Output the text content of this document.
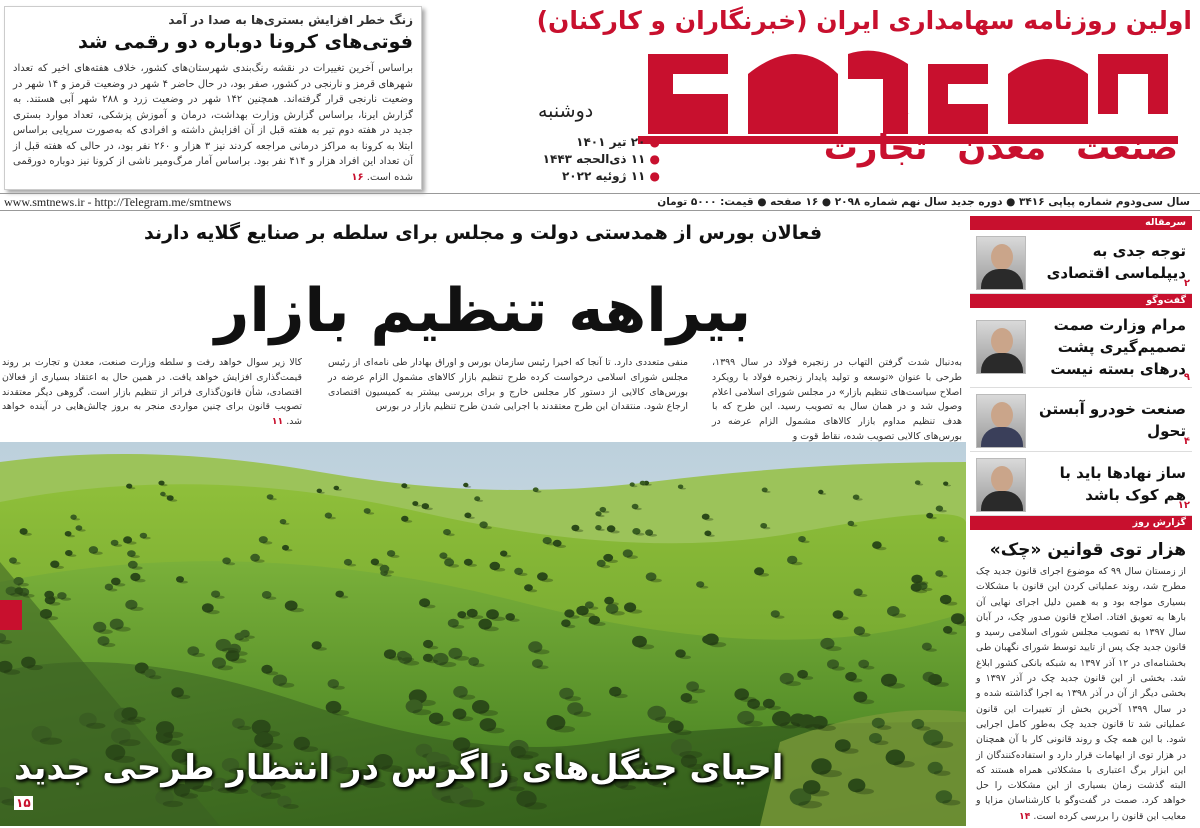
اولین روزنامه سهامداری ایران (خبرنگاران و کارکنان)
صمت
صنعت معدن تجارت
دوشنبه
● ۲۰ تیر ۱۴۰۱
● ۱۱ ذی‌الحجه ۱۴۴۳
● ۱۱ ژوئیه ۲۰۲۲
زنگ خطر افزایش بستری‌ها به صدا در آمد
فوتی‌های کرونا دوباره دو رقمی شد
براساس آخرین تغییرات در نقشه رنگ‌بندی شهرستان‌های کشور، خلاف هفته‌های اخیر که تعداد شهرهای قرمز و نارنجی در کشور، صفر بود، در حال حاضر ۴ شهر در وضعیت قرمز و ۱۴ شهر در وضعیت نارنجی قرار گرفته‌اند. همچنین ۱۴۲ شهر در وضعیت زرد و ۲۸۸ شهر آبی هستند. به گزارش ایرنا، براساس گزارش وزارت بهداشت، درمان و آموزش پزشکی، تعداد موارد بستری جدید در هفته دوم تیر به هفته قبل از آن افزایش داشته و افرادی که به‌صورت سرپایی براساس ابتلا به کرونا به مراکز درمانی مراجعه کردند نیز ۳ هزار و ۲۶۰ نفر بود، در حالی که هفته قبل از آن تعداد این افراد هزار و ۴۱۴ نفر بود. براساس آمار مرگ‌ومیر ناشی از کرونا نیز دوباره دورقمی شده است. ۱۶
سال سی‌ودوم شماره پیاپی ۳۴۱۶ ● دوره جدید سال نهم شماره ۲۰۹۸ ● ۱۶ صفحه ● قیمت: ۵۰۰۰ تومان
www.smtnews.ir - http://Telegram.me/smtnews
فعالان بورس از همدستی دولت و مجلس برای سلطه بر صنایع گلایه دارند
بیراهه تنظیم بازار
به‌دنبال شدت گرفتن التهاب در زنجیره فولاد در سال ۱۳۹۹، طرحی با عنوان «توسعه و تولید پایدار زنجیره فولاد با رویکرد اصلاح سیاست‌های تنظیم بازار» در مجلس شورای اسلامی اعلام وصول شد و در همان سال به تصویب رسید. این طرح که با هدف تنظیم مداوم بازار کالاهای مشمول الزام عرضه در بورس‌های کالایی تصویب شده، نقاط قوت و
منفی متعددی دارد. تا آنجا که اخیرا رئیس سازمان بورس و اوراق بهادار طی نامه‌ای از رئیس مجلس شورای اسلامی درخواست کرده طرح تنظیم بازار کالاهای مشمول الزام عرضه در بورس‌های کالایی از دستور کار مجلس خارج و برای بررسی بیشتر به کمیسیون اقتصادی ارجاع شود. منتقدان این طرح معتقدند با اجرایی شدن طرح تنظیم بازار در بورس
کالا زیر سوال خواهد رفت و سلطه وزارت صنعت، معدن و تجارت بر روند قیمت‌گذاری افزایش خواهد یافت. در همین حال به اعتقاد بسیاری از فعالان اقتصادی، شأن قانون‌گذاری فراتر از تنظیم بازار است. گروهی دیگر معتقدند تصویب قانون برای چنین مواردی منجر به بروز چالش‌هایی در آینده خواهد شد. ۱۱
احیای جنگل‌های زاگرس در انتظار طرحی جدید
۱۵
سرمقاله
توجه جدی به دیپلماسی اقتصادی
۲
گفت‌وگو
مرام وزارت صمت تصمیم‌گیری پشت درهای بسته نیست
۹
صنعت خودرو آبستن تحول
۴
ساز نهادها باید با هم کوک باشد
۱۲
گزارش روز
هزار توی قوانین «چک»
از زمستان سال ۹۹ که موضوع اجرای قانون جدید چک مطرح شد، روند عملیاتی کردن این قانون با مشکلات بسیاری مواجه بود و به همین دلیل اجرای نهایی آن بارها به تعویق افتاد. اصلاح قانون صدور چک، در آبان سال ۱۳۹۷ به تصویب مجلس شورای اسلامی رسید و قانون جدید چک پس از تایید توسط شورای نگهبان طی بخشنامه‌ای در ۱۲ آذر ۱۳۹۷ به شبکه بانکی کشور ابلاغ شد. بخشی از این قانون جدید چک در آذر ۱۳۹۷ و بخشی دیگر از آن در آذر ۱۳۹۸ به اجرا گذاشته شده و در سال ۱۳۹۹ آخرین بخش از تغییرات این قانون عملیاتی شد تا قانون جدید چک به‌طور کامل اجرایی شود. با این همه چک و روند قانونی کار با آن همچنان در هزار توی از ابهامات قرار دارد و استفاده‌کنندگان از این ابزار برگ اعتباری با مشکلاتی همراه هستند که البته گذشت زمان بسیاری از این مشکلات را حل خواهد کرد. صمت در گفت‌وگو با کارشناسان مزایا و معایب این قانون را بررسی کرده است. ۱۴
